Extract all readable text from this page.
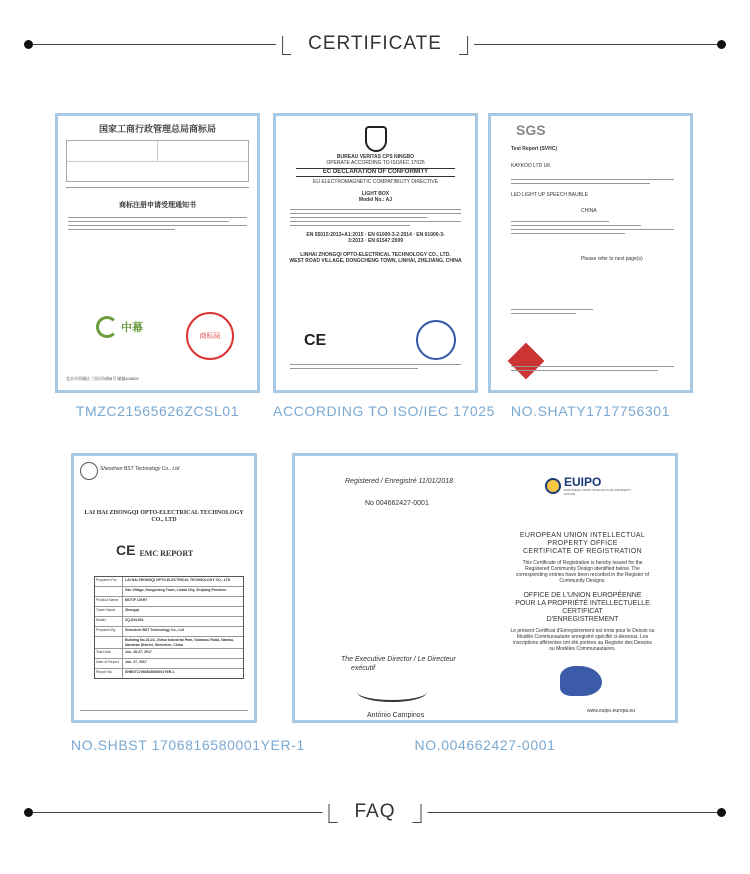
CERTIFICATE
国家工商行政管理总局商标局
商标注册申请受理通知书
中幕
商标局
北京市西城区三里河东路8号 邮编100820
TMZC21565626ZCSL01
BUREAU VERITAS CPS NINGBO
OPERATE ACCORDING TO ISO/IEC 17025
EC DECLARATION OF CONFORMITY
EU ELECTROMAGNETIC COMPATIBILITY DIRECTIVE
LIGHT BOX
Model No.: AJ
EN 55015:2013+A1:2015 · EN 61000-3-2:2014 · EN 61000-3-3:2013 · EN 61547:2009
LINHAI ZHONGQI OPTO-ELECTRICAL TECHNOLOGY CO., LTD.
WEST ROAD VILLAGE, DONGCHENG TOWN, LINHAI, ZHEJIANG, CHINA
CE
ACCORDING TO ISO/IEC 17025
SGS
Test Report (SVHC)
KAYKOO LTD UK
LED LIGHT UP SPEECH BAUBLE
CHINA
Please refer to next page(s)
NO.SHATY1717756301
Shenzhen BST Technology Co., Ltd
LAI HAI ZHONGQI OPTO-ELECTRICAL TECHNOLOGY CO., LTD
CE EMC REPORT
Prepared For	LAI HAI ZHONGQI OPTO-ELECTRICAL TECHNOLOGY CO., LTD
Xilu Village, Dongcheng Town, Linhai City, Zhejiang Province
Product Name	MOTIF LIGHT
Trade Name	Zhongqi
Model	ZQ-DX1001
Prepared By	Shenzhen BST Technology Co., Ltd
Building No.23-24, Zhihui Industrial Park, Guankou Road, Nantou, Nanshan District, Shenzhen, China
Test Date	Jun. 26-27, 2017
Date of Report	Jun. 27, 2017
Report No.	SHBST17060816580001YER-1
NO.SHBST 1706816580001YER-1
Registered / Enregistré 11/01/2018
No 004662427-0001
EUIPO
EUROPEAN UNION INTELLECTUAL PROPERTY OFFICE
EUROPEAN UNION INTELLECTUAL
PROPERTY OFFICE
CERTIFICATE OF REGISTRATION
This Certificate of Registration is hereby issued for the Registered Community Design identified below. The corresponding entries have been recorded in the Register of Community Designs.
OFFICE DE L'UNION EUROPÉENNE
POUR LA PROPRIÉTÉ INTELLECTUELLE
CERTIFICAT
D'ENREGISTREMENT
Le présent Certificat d'Enregistrement est émis pour le Dessin ou Modèle Communautaire enregistré spécifié ci-dessous. Les inscriptions afférentes ont été portées au Registre des Dessins ou Modèles Communautaires.
The Executive Director / Le Directeur
exécutif
António Campinos
www.euipo.europa.eu
NO.004662427-0001
FAQ
